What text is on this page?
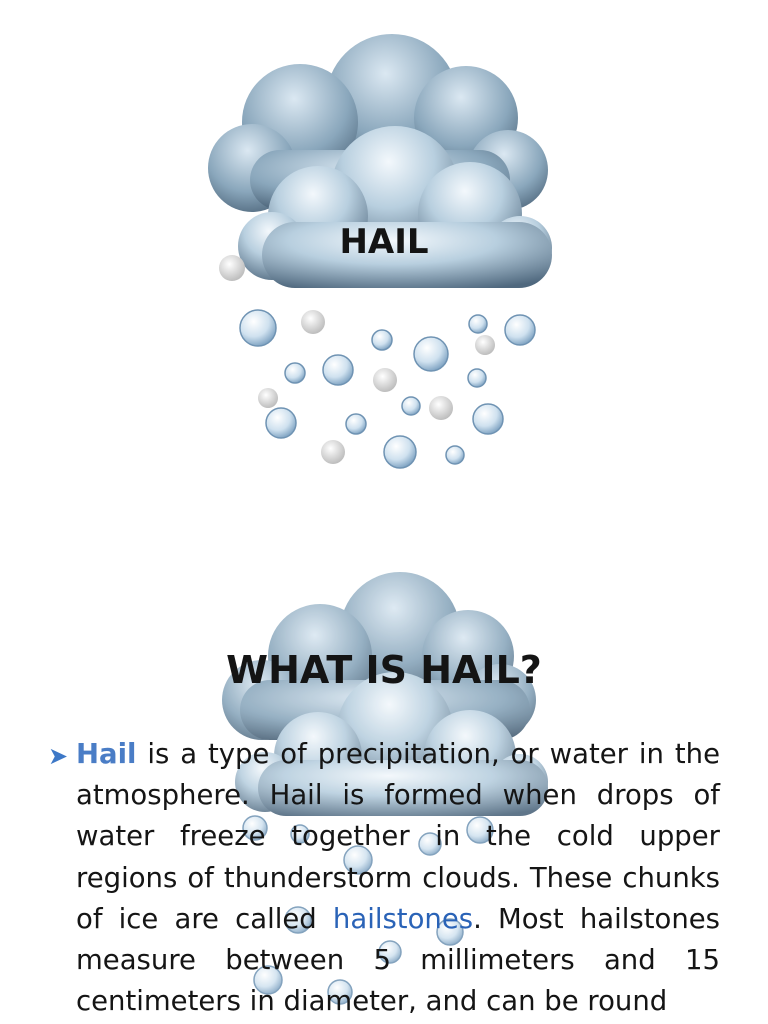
HAIL
WHAT IS HAIL?

➤ Hail is a type of precipitation, or water in the atmosphere. Hail is formed when drops of water freeze together in the cold upper regions of thunderstorm clouds. These chunks of ice are called hailstones. Most hailstones measure between 5 millimeters and 15 centimeters in diameter, and can be round
